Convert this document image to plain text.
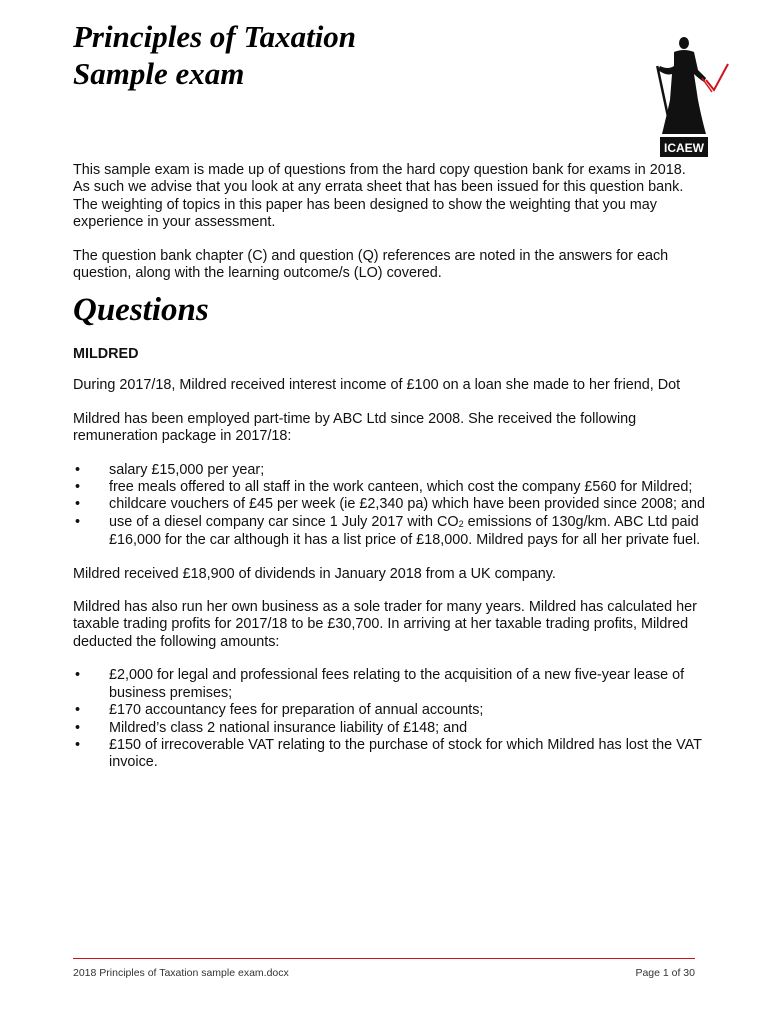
Principles of Taxation
Sample exam
ICAEW

This sample exam is made up of questions from the hard copy question bank for exams in 2018. As such we advise that you look at any errata sheet that has been issued for this question bank. The weighting of topics in this paper has been designed to show the weighting that you may experience in your assessment.

The question bank chapter (C) and question (Q) references are noted in the answers for each question, along with the learning outcome/s (LO) covered.

Questions

MILDRED

During 2017/18, Mildred received interest income of £100 on a loan she made to her friend, Dot

Mildred has been employed part-time by ABC Ltd since 2008. She received the following remuneration package in 2017/18:

•	salary £15,000 per year;
•	free meals offered to all staff in the work canteen, which cost the company £560 for Mildred;
•	childcare vouchers of £45 per week (ie £2,340 pa) which have been provided since 2008; and
•	use of a diesel company car since 1 July 2017 with $CO_2$ emissions of 130g/km. ABC Ltd paid £16,000 for the car although it has a list price of £18,000. Mildred pays for all her private fuel.

Mildred received £18,900 of dividends in January 2018 from a UK company.

Mildred has also run her own business as a sole trader for many years. Mildred has calculated her taxable trading profits for 2017/18 to be £30,700. In arriving at her taxable trading profits, Mildred deducted the following amounts:

•	£2,000 for legal and professional fees relating to the acquisition of a new five-year lease of business premises;
•	£170 accountancy fees for preparation of annual accounts;
•	Mildred’s class 2 national insurance liability of £148; and
•	£150 of irrecoverable VAT relating to the purchase of stock for which Mildred has lost the VAT invoice.
2018 Principles of Taxation sample exam.docx	Page 1 of 30
